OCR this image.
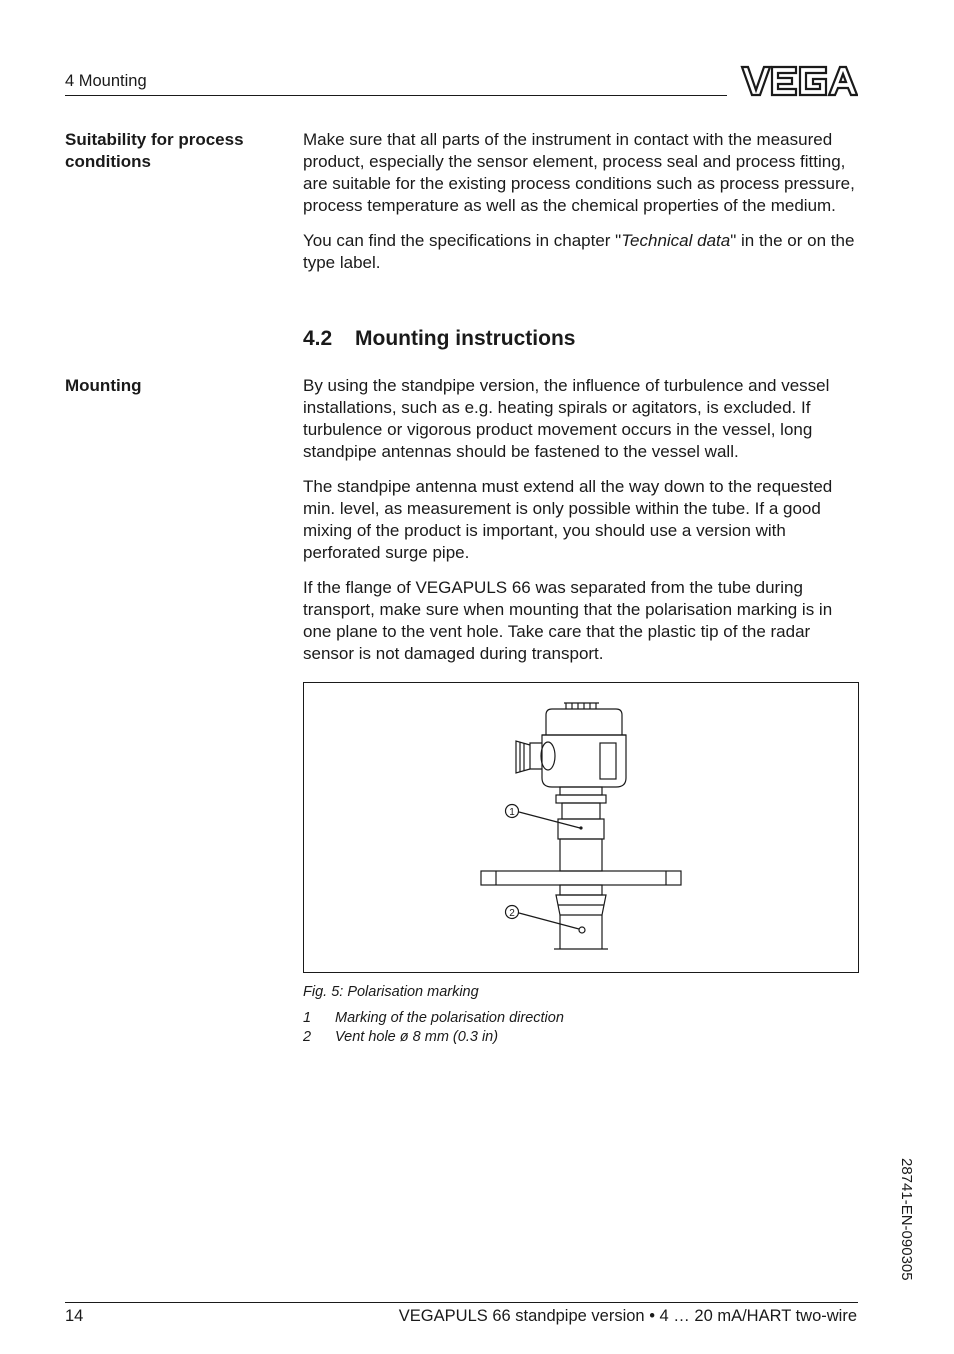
4 Mounting
Suitability for process
conditions

Make sure that all parts of the instrument in contact with the measured product, especially the sensor element, process seal and process fitting, are suitable for the existing process conditions such as process pressure, process temperature as well as the chemical properties of the medium.

You can find the specifications in chapter "Technical data" in the or on the type label.

4.2 Mounting instructions
Mounting	By using the standpipe version, the influence of turbulence and vessel installations, such as e.g. heating spirals or agitators, is excluded. If turbulence or vigorous product movement occurs in the vessel, long standpipe antennas should be fastened to the vessel wall.

The standpipe antenna must extend all the way down to the requested min. level, as measurement is only possible within the tube. If a good mixing of the product is important, you should use a version with perforated surge pipe.

If the flange of VEGAPULS 66 was separated from the tube during transport, make sure when mounting that the polarisation marking is in one plane to the vent hole. Take care that the plastic tip of the radar sensor is not damaged during transport.

1
2
Fig. 5: Polarisation marking
1 Marking of the polarisation direction
2 Vent hole ø 8 mm (0.3 in)
28741-EN-090305
14	VEGAPULS 66 standpipe version • 4 … 20 mA/HART two-wire
